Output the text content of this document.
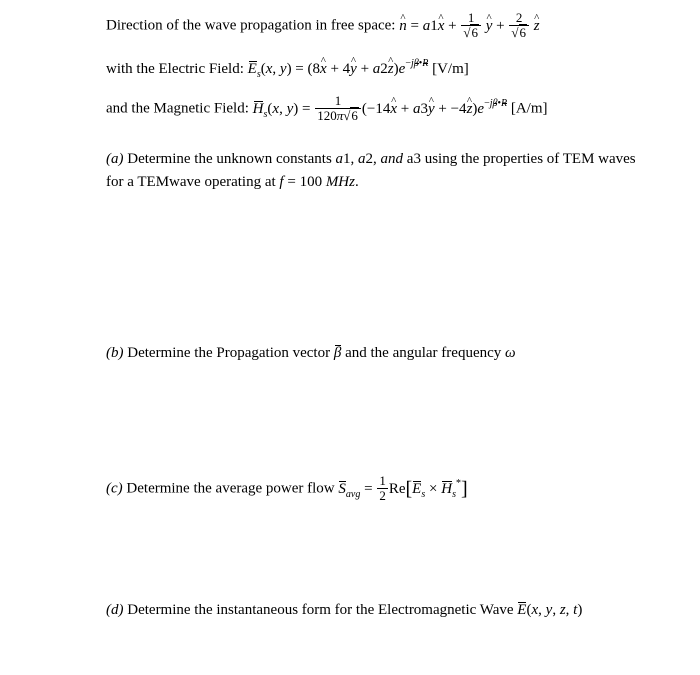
Direction of the wave propagation in free space: ^ n = a1^ $x + \frac{1}{√6}$ ^ $y + \frac{2}{√6}$ ^ z
with the Electric Field: $E_s(x$, y) = (8^ x + 4^ y + a2^ $z)e^{-j\beta•R}$ [V/m]
and the Magnetic Field: $H_s(x$, $y) = \frac{1}{120\pi√6}$ (−14^ x + a3^ y + −4^ $z)e^{-j\beta•R}$ [A/m]
(a) Determine the unknown constants a1, a2, and a3 using the properties of TEM waves
for a TEMwave operating at f = 100 MHz.
(b) Determine the Propagation vector β and the angular frequency ω
(c) Determine the average power flow $S_{avg} = \frac{1}{2} Re[E_s \times H_s^*]$
(d) Determine the instantaneous form for the Electromagnetic Wave E(x, y, z, t)
